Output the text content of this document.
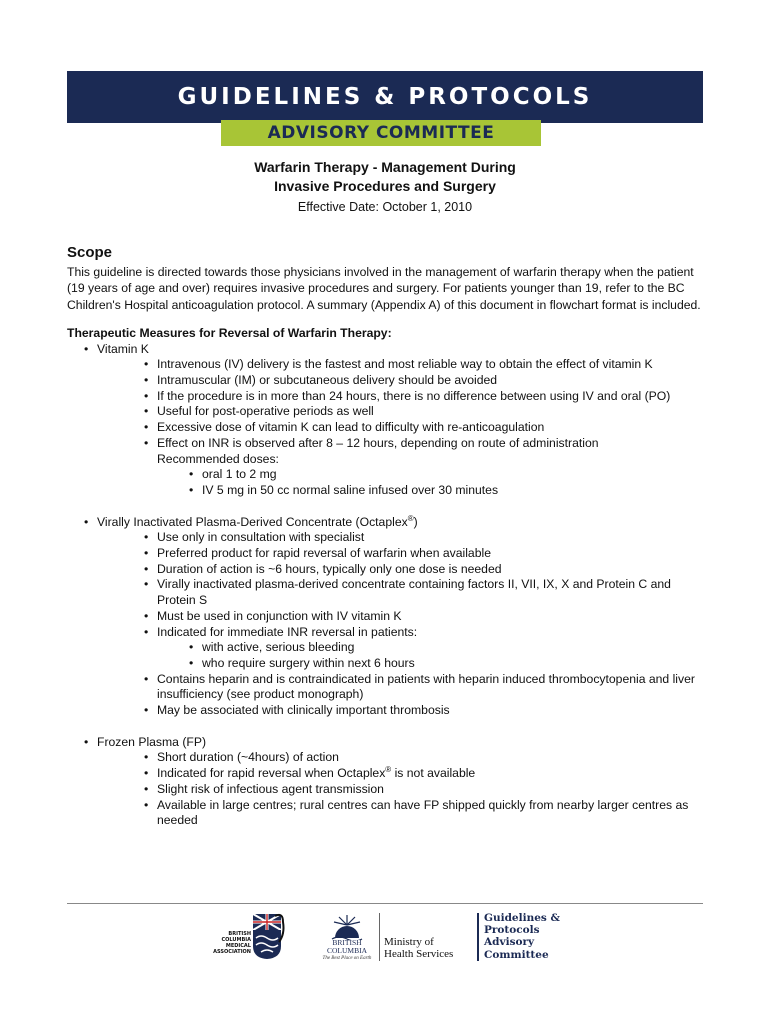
GUIDELINES & PROTOCOLS
ADVISORY COMMITTEE
Warfarin Therapy - Management During
Invasive Procedures and Surgery
Effective Date: October 1, 2010
Scope

This guideline is directed towards those physicians involved in the management of warfarin therapy when the patient (19 years of age and over) requires invasive procedures and surgery. For patients younger than 19, refer to the BC Children's Hospital anticoagulation protocol. A summary (Appendix A) of this document in flowchart format is included.

Therapeutic Measures for Reversal of Warfarin Therapy:
• Vitamin K
• Intravenous (IV) delivery is the fastest and most reliable way to obtain the effect of vitamin K
• Intramuscular (IM) or subcutaneous delivery should be avoided
• If the procedure is in more than 24 hours, there is no difference between using IV and oral (PO)
• Useful for post-operative periods as well
• Excessive dose of vitamin K can lead to difficulty with re-anticoagulation
• Effect on INR is observed after 8 – 12 hours, depending on route of administration
Recommended doses:
• oral 1 to 2 mg
• IV 5 mg in 50 cc normal saline infused over 30 minutes
• Virally Inactivated Plasma-Derived Concentrate (Octaplex®)
• Use only in consultation with specialist
• Preferred product for rapid reversal of warfarin when available
• Duration of action is ~6 hours, typically only one dose is needed
• Virally inactivated plasma-derived concentrate containing factors II, VII, IX, X and Protein C and Protein S
• Must be used in conjunction with IV vitamin K
• Indicated for immediate INR reversal in patients:
• with active, serious bleeding
• who require surgery within next 6 hours
• Contains heparin and is contraindicated in patients with heparin induced thrombocytopenia and liver insufficiency (see product monograph)
• May be associated with clinically important thrombosis
• Frozen Plasma (FP)
• Short duration (~4hours) of action
• Indicated for rapid reversal when Octaplex® is not available
• Slight risk of infectious agent transmission
• Available in large centres; rural centres can have FP shipped quickly from nearby larger centres as needed
BRITISH COLUMBIA MEDICAL ASSOCIATION
BRITISH COLUMBIA
The Best Place on Earth
Ministry of
Health Services
Guidelines &
Protocols
Advisory
Committee
